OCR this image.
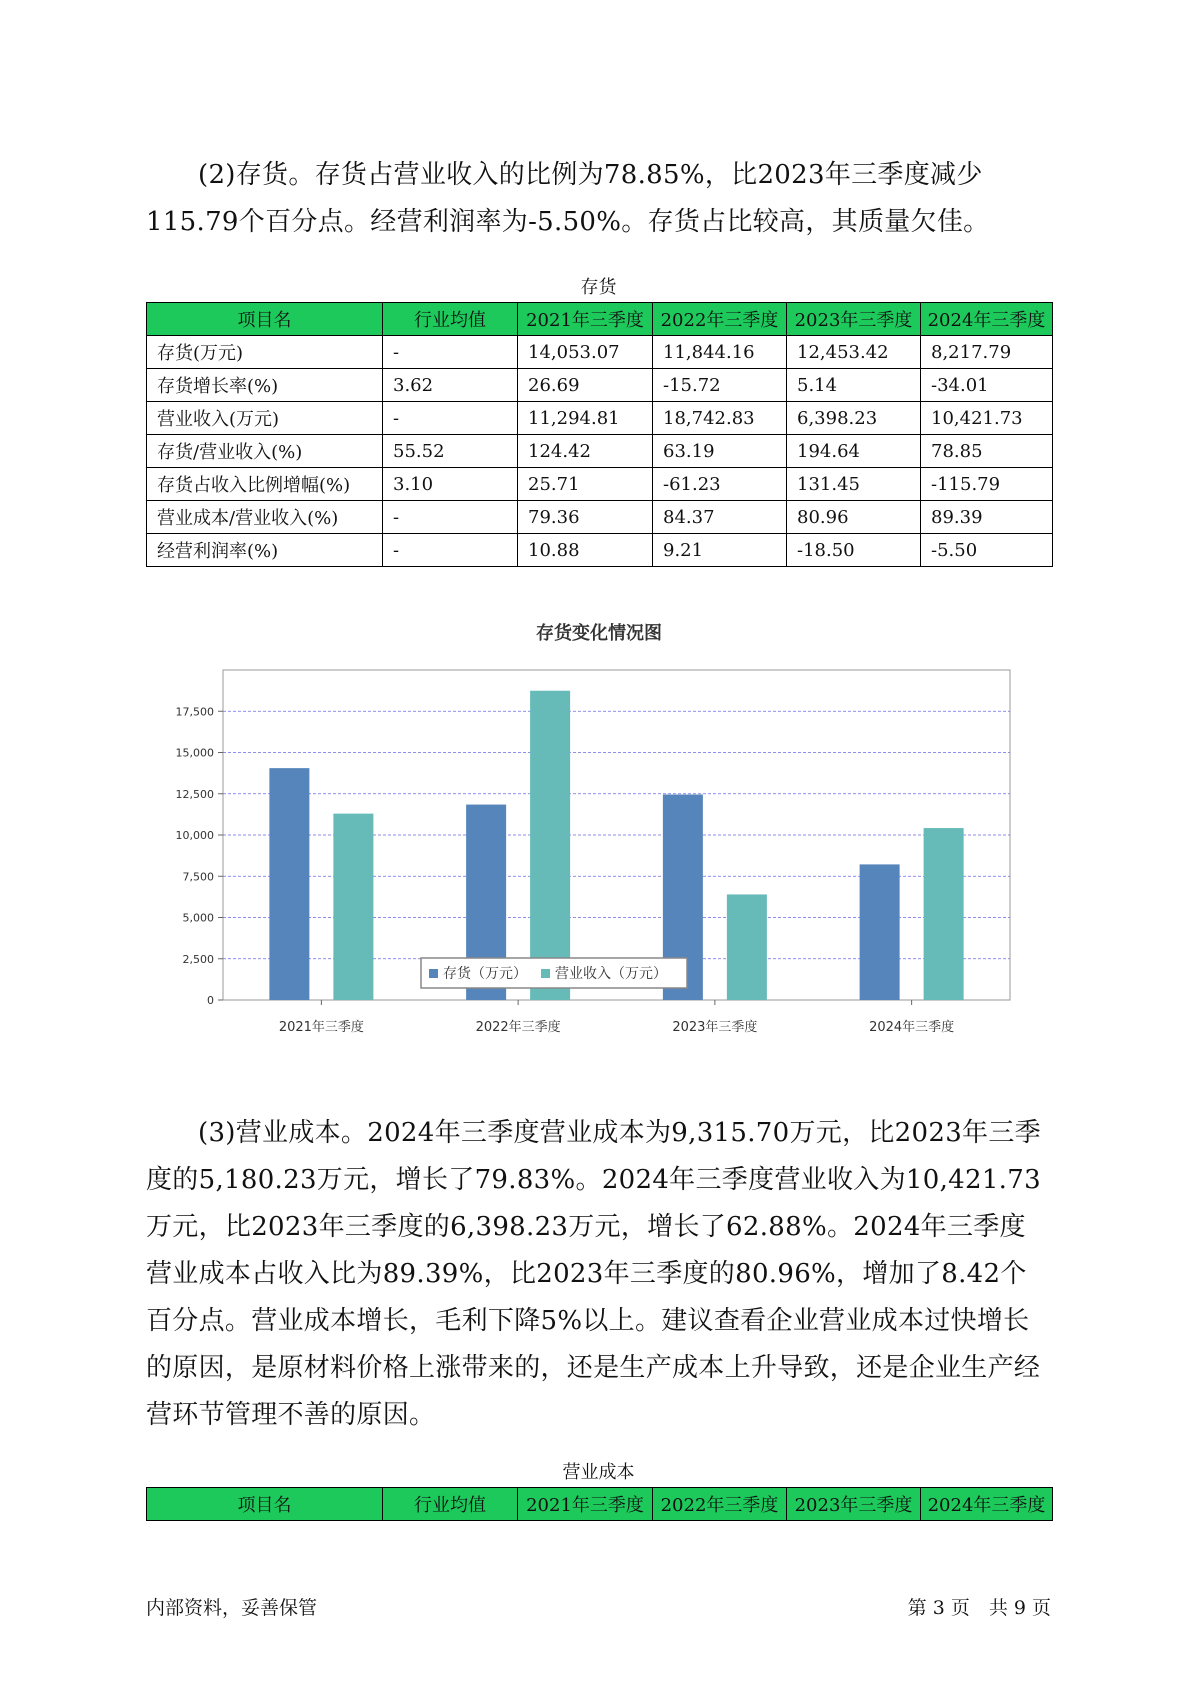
(2)存货。存货占营业收入的比例为78.85%，比2023年三季度减少115.79个百分点。经营利润率为-5.50%。存货占比较高，其质量欠佳。

存货
项目名	行业均值	2021年三季度	2022年三季度	2023年三季度	2024年三季度
存货(万元)	-	14,053.07	11,844.16	12,453.42	8,217.79
存货增长率(%)	3.62	26.69	-15.72	5.14	-34.01
营业收入(万元)	-	11,294.81	18,742.83	6,398.23	10,421.73
存货/营业收入(%)	55.52	124.42	63.19	194.64	78.85
存货占收入比例增幅(%)	3.10	25.71	-61.23	131.45	-115.79
营业成本/营业收入(%)	-	79.36	84.37	80.96	89.39
经营利润率(%)	-	10.88	9.21	-18.50	-5.50
存货变化情况图
0
2,500
5,000
7,500
10,000
12,500
15,000
17,500
2021年三季度	2022年三季度	2023年三季度	2024年三季度
存货（万元） 营业收入（万元）

(3)营业成本。2024年三季度营业成本为9,315.70万元，比2023年三季度的5,180.23万元，增长了79.83%。2024年三季度营业收入为10,421.73万元，比2023年三季度的6,398.23万元，增长了62.88%。2024年三季度营业成本占收入比为89.39%，比2023年三季度的80.96%，增加了8.42个百分点。营业成本增长，毛利下降5%以上。建议查看企业营业成本过快增长的原因，是原材料价格上涨带来的，还是生产成本上升导致，还是企业生产经营环节管理不善的原因。

营业成本
项目名	行业均值	2021年三季度	2022年三季度	2023年三季度	2024年三季度
内部资料，妥善保管	第 3 页　共 9 页
